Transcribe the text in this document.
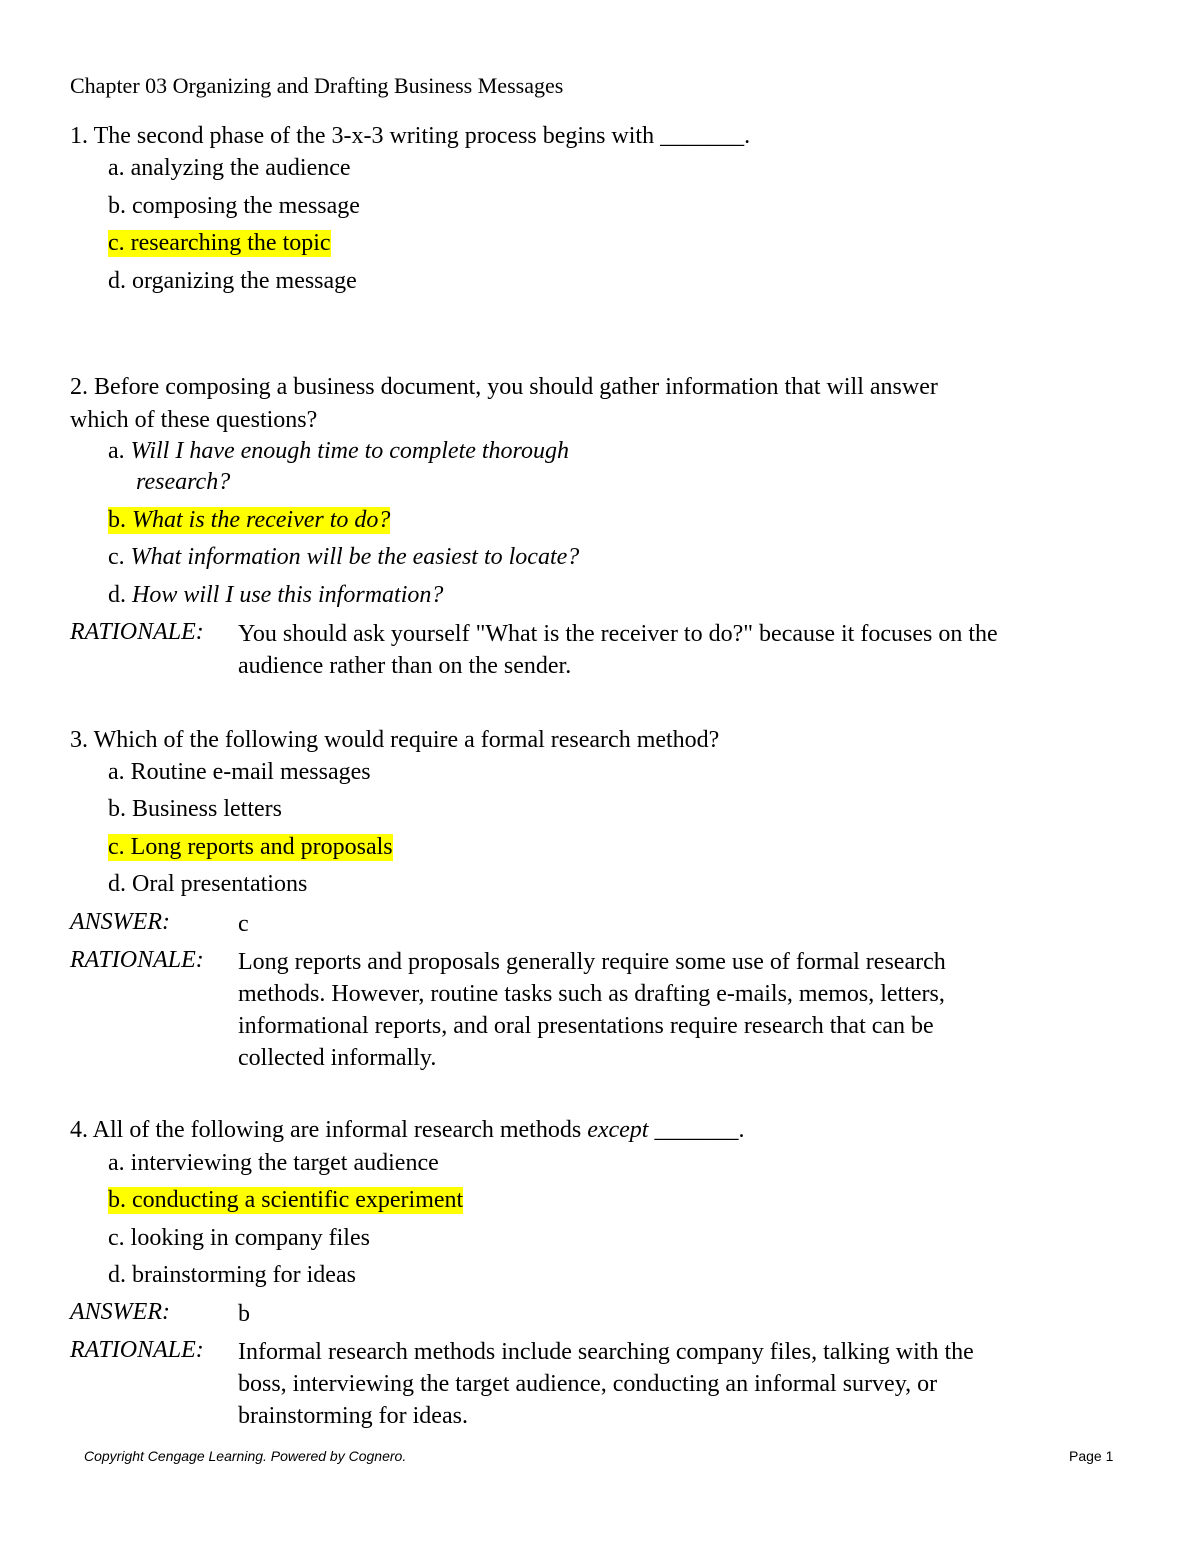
Chapter 03 Organizing and Drafting Business Messages
1. The second phase of the 3-x-3 writing process begins with _______.
a. analyzing the audience
b. composing the message
c. researching the topic
d. organizing the message
2. Before composing a business document, you should gather information that will answer
which of these questions?
a. Will I have enough time to complete thorough
research?
b. What is the receiver to do?
c. What information will be the easiest to locate?
d. How will I use this information?
RATIONALE: You should ask yourself "What is the receiver to do?" because it focuses on the
audience rather than on the sender.
3. Which of the following would require a formal research method?
a. Routine e-mail messages
b. Business letters
c. Long reports and proposals
d. Oral presentations
ANSWER:	c
RATIONALE: Long reports and proposals generally require some use of formal research
methods. However, routine tasks such as drafting e-mails, memos, letters,
informational reports, and oral presentations require research that can be
collected informally.
4. All of the following are informal research methods except _______.
a. interviewing the target audience
b. conducting a scientific experiment
c. looking in company files
d. brainstorming for ideas
ANSWER:	b
RATIONALE: Informal research methods include searching company files, talking with the
boss, interviewing the target audience, conducting an informal survey, or
brainstorming for ideas.
Copyright Cengage Learning. Powered by Cognero.	Page 1
